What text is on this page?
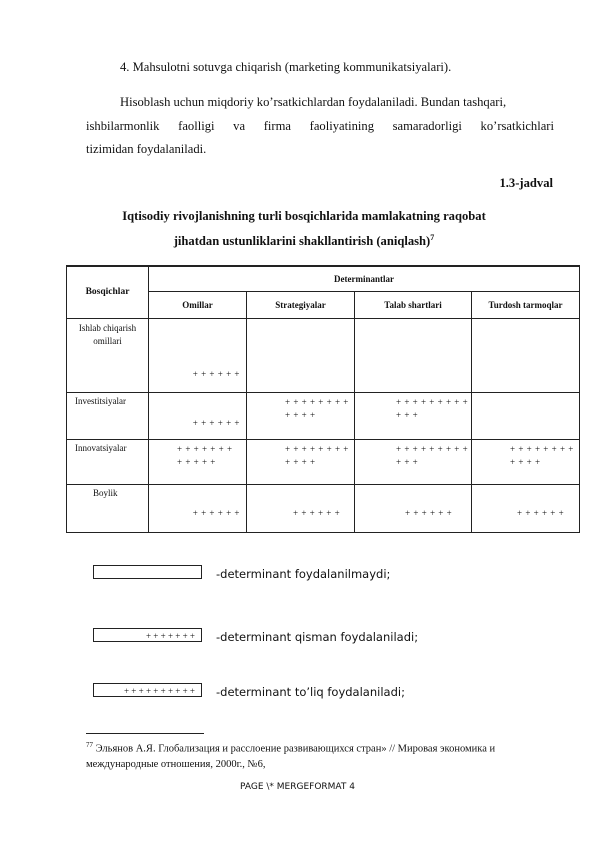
4. Mahsulotni sotuvga chiqarish (marketing kommunikatsiyalari).
Hisoblash uchun miqdoriy ko’rsatkichlardan foydalaniladi. Bundan tashqari,
ishbilarmonlik faolligi va firma faoliyatining samaradorligi ko’rsatkichlari
tizimidan foydalaniladi.
1.3-jadval
Iqtisodiy rivojlanishning turli bosqichlarida mamlakatning raqobat
jihatdan ustunliklarini shakllantirish (aniqlash)$^7$
Bosqichlar	Determinantlar			
	Omillar	Strategiyalar	Talab shartlari	Turdosh tarmoqlar
Ishlab chiqarish omillari	+ + + + + +			

Investitsiyalar	+ + + + + +	+ + + + + + + +
+ + + +	+ + + + + + + + +
+ + +	

Innovatsiyalar	+ + + + + + +
+ + + + +	+ + + + + + + +
+ + + +	+ + + + + + + + +
+ + +	+ + + + + + + +
+ + + +

Boylik	+ + + + + +	+ + + + + +	+ + + + + +	+ + + + + +
-determinant foydalanilmaydi;
+ + + + + + +	-determinant qisman foydalaniladi;
+ + + + + + + + + +	-determinant to’liq foydalaniladi;
$^{77}$ Эльянов А.Я. Глобализация и расслоение развивающихся стран» // Мировая экономика и международные отношения, 2000г., №6,
PAGE \* MERGEFORMAT 4
